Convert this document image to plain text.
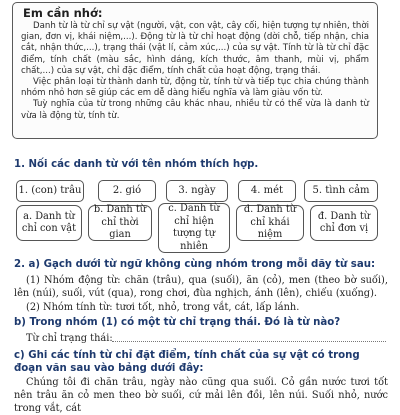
Em cần nhớ:

Danh từ là từ chỉ sự vật (người, vật, con vật, cây cối, hiện tượng tự nhiên, thời gian, đơn vị, khái niệm,...). Động từ là từ chỉ hoạt động (dời chỗ, tiếp nhận, chia cắt, nhận thức,...), trạng thái (vật lí, cảm xúc,...) của sự vật. Tính từ là từ chỉ đặc điểm, tính chất (màu sắc, hình dáng, kích thước, âm thanh, mùi vị, phẩm chất,...) của sự vật, chỉ đặc điểm, tính chất của hoạt động, trạng thái.

Việc phân loại từ thành danh từ, động từ, tính từ và tiếp tục chia chúng thành nhóm nhỏ hơn sẽ giúp các em dễ dàng hiểu nghĩa và làm giàu vốn từ.

Tuỳ nghĩa của từ trong những câu khác nhau, nhiều từ có thể vừa là danh từ vừa là động từ, tính từ.

1. Nối các danh từ với tên nhóm thích hợp.
1. (con) trâu	2. gió	3. ngày	4. mét	5. tình cảm
a. Danh từ chỉ con vật
b. Danh từ chỉ thời gian
c. Danh từ chỉ hiện tượng tự nhiên
d. Danh từ chỉ khái niệm
đ. Danh từ chỉ đơn vị
2. a) Gạch dưới từ ngữ không cùng nhóm trong mỗi dãy từ sau:
(1) Nhóm động từ: chăn (trâu), qua (suối), ăn (cỏ), men (theo bờ suối), lên (núi), suối, vút (qua), rong chơi, đùa nghịch, ánh (lên), chiếu (xuống).
(2) Nhóm tính từ: tươi tốt, nhỏ, trong vắt, cát, lấp lánh.
b) Trong nhóm (1) có một từ chỉ trạng thái. Đó là từ nào?
Từ chỉ trạng thái:
c) Ghi các tính từ chỉ đặt điểm, tính chất của sự vật có trong đoạn văn sau vào bảng dưới đây:
Chúng tôi đi chăn trâu, ngày nào cũng qua suối. Cỏ gần nước tươi tốt nên trâu ăn cỏ men theo bờ suối, cứ mải lên đồi, lên núi. Suối nhỏ, nước trong vắt, cát
